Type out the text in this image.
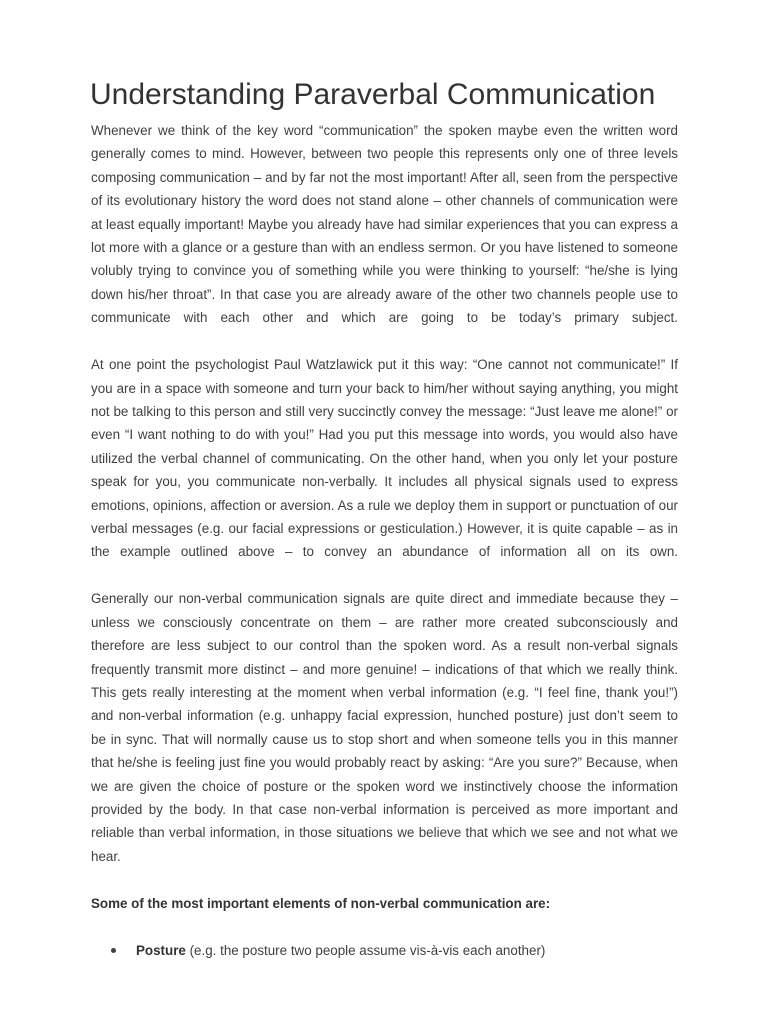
Understanding Paraverbal Communication

Whenever we think of the key word “communication” the spoken maybe even the written word generally comes to mind. However, between two people this represents only one of three levels composing communication – and by far not the most important! After all, seen from the perspective of its evolutionary history the word does not stand alone – other channels of communication were at least equally important! Maybe you already have had similar experiences that you can express a lot more with a glance or a gesture than with an endless sermon. Or you have listened to someone volubly trying to convince you of something while you were thinking to yourself: “he/she is lying down his/her throat”. In that case you are already aware of the other two channels people use to communicate with each other and which are going to be today’s primary subject.

At one point the psychologist Paul Watzlawick put it this way: “One cannot not communicate!” If you are in a space with someone and turn your back to him/her without saying anything, you might not be talking to this person and still very succinctly convey the message: “Just leave me alone!” or even “I want nothing to do with you!” Had you put this message into words, you would also have utilized the verbal channel of communicating. On the other hand, when you only let your posture speak for you, you communicate non-verbally. It includes all physical signals used to express emotions, opinions, affection or aversion. As a rule we deploy them in support or punctuation of our verbal messages (e.g. our facial expressions or gesticulation.) However, it is quite capable – as in the example outlined above – to convey an abundance of information all on its own.

Generally our non-verbal communication signals are quite direct and immediate because they – unless we consciously concentrate on them – are rather more created subconsciously and therefore are less subject to our control than the spoken word. As a result non-verbal signals frequently transmit more distinct – and more genuine! – indications of that which we really think. This gets really interesting at the moment when verbal information (e.g. “I feel fine, thank you!”) and non-verbal information (e.g. unhappy facial expression, hunched posture) just don’t seem to be in sync. That will normally cause us to stop short and when someone tells you in this manner that he/she is feeling just fine you would probably react by asking: “Are you sure?” Because, when we are given the choice of posture or the spoken word we instinctively choose the information provided by the body. In that case non-verbal information is perceived as more important and reliable than verbal information, in those situations we believe that which we see and not what we hear.

Some of the most important elements of non-verbal communication are:

Posture (e.g. the posture two people assume vis-à-vis each another)
